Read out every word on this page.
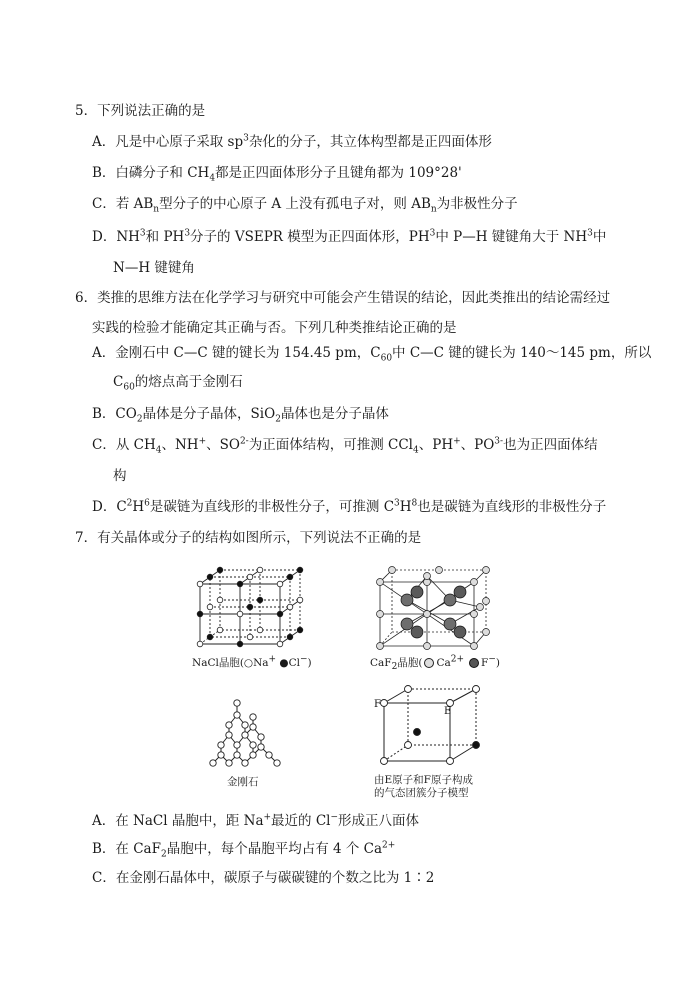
5．下列说法正确的是
A．凡是中心原子采取 $sp^3$杂化的分子，其立体构型都是正四面体形
B．白磷分子和 $CH_4$都是正四面体形分子且键角都为 109°28'
C．若 $AB_n$型分子的中心原子 A 上没有孤电子对，则 $AB_n$为非极性分子
D．$NH^3$和 $PH^3$分子的 VSEPR 模型为正四面体形，$PH^3$中 P—H 键键角大于 $NH^3$中
N—H 键键角
6．类推的思维方法在化学学习与研究中可能会产生错误的结论，因此类推出的结论需经过
实践的检验才能确定其正确与否。下列几种类推结论正确的是
A．金刚石中 C—C 键的键长为 154.45 pm，$C_{60}$中 C—C 键的键长为 140～145 pm，所以
$C_{60}$的熔点高于金刚石
B．$CO_2$晶体是分子晶体，SiO$_2$晶体也是分子晶体
C．从 $CH_4$、NH+、$SO^{2-}$为正面体结构，可推测 CCl$_4$、PH+、$PO^{3-}$也为正四面体结
构
D．$C^2H^6$是碳链为直线形的非极性分子，可推测 $C^3H^8$也是碳链为直线形的非极性分子
7．有关晶体或分子的结构如图所示，下列说法不正确的是
NaCl晶胞(○Na+ ●Cl−)	CaF$_2$晶胞( $Ca^{2+}$ F−)
金刚石
F
E
由E原子和F原子构成
的气态团簇分子模型
A．在 NaCl 晶胞中，距 Na+最近的 Cl−形成正八面体
B．在 CaF$_2$晶胞中，每个晶胞平均占有 4 个 $Ca^{2+}$
C．在金刚石晶体中，碳原子与碳碳键的个数之比为 1∶2
